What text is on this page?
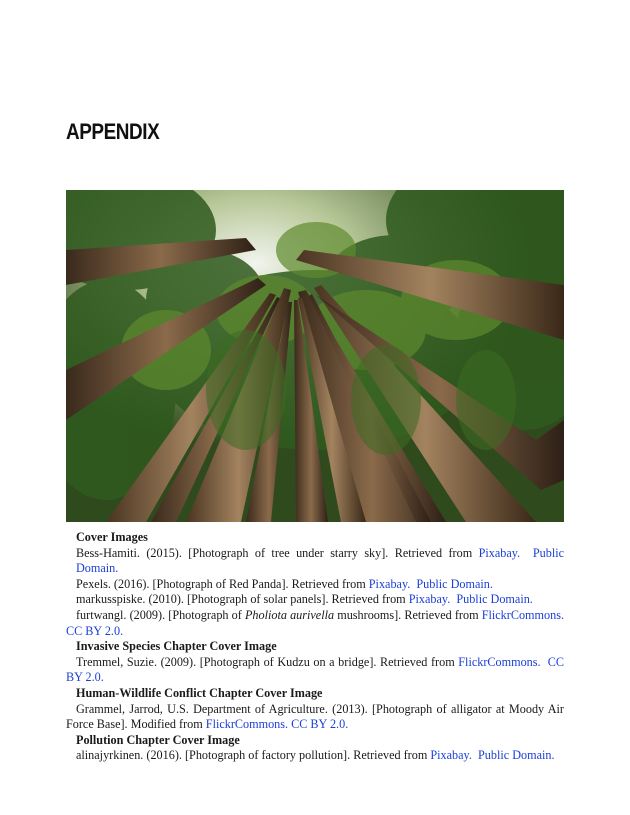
APPENDIX
Cover Images
Bess-Hamiti. (2015). [Photograph of tree under starry sky]. Retrieved from Pixabay. Public Domain.
Pexels. (2016). [Photograph of Red Panda]. Retrieved from Pixabay. Public Domain.
markusspiske. (2010). [Photograph of solar panels]. Retrieved from Pixabay. Public Domain.
furtwangl. (2009). [Photograph of Pholiota aurivella mushrooms]. Retrieved from FlickrCommons. CC BY 2.0.
Invasive Species Chapter Cover Image
Tremmel, Suzie. (2009). [Photograph of Kudzu on a bridge]. Retrieved from FlickrCommons. CC BY 2.0.
Human-Wildlife Conflict Chapter Cover Image
Grammel, Jarrod, U.S. Department of Agriculture. (2013). [Photograph of alligator at Moody Air Force Base]. Modified from FlickrCommons. CC BY 2.0.
Pollution Chapter Cover Image
alinajyrkinen. (2016). [Photograph of factory pollution]. Retrieved from Pixabay. Public Domain.
